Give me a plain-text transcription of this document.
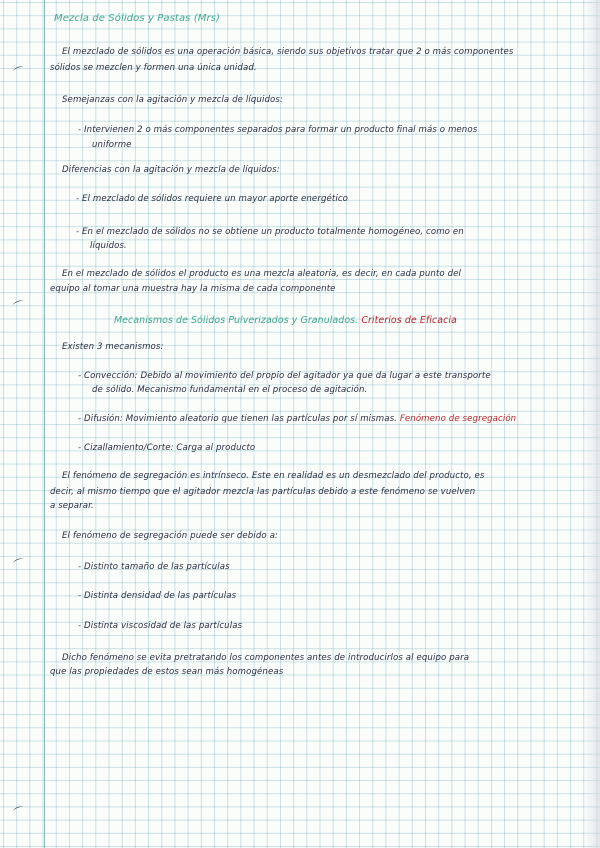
⌒
⌒
⌒
⌒
Mezcla de Sólidos y Pastas (Mrs)
El mezclado de sólidos es una operación básica, siendo sus objetivos tratar que 2 o más componentes
sólidos se mezclen y formen una única unidad.
Semejanzas con la agitación y mezcla de líquidos:
- Intervienen 2 o más componentes separados para formar un producto final más o menos
uniforme
Diferencias con la agitación y mezcla de líquidos:
- El mezclado de sólidos requiere un mayor aporte energético
- En el mezclado de sólidos no se obtiene un producto totalmente homogéneo, como en
líquidos.
En el mezclado de sólidos el producto es una mezcla aleatoria, es decir, en cada punto del
equipo al tomar una muestra hay la misma de cada componente
Mecanismos de Sólidos Pulverizados y Granulados. Criterios de Eficacia
Existen 3 mecanismos:
- Convección: Debido al movimiento del propio del agitador ya que da lugar a este transporte
de sólido. Mecanismo fundamental en el proceso de agitación.
- Difusión: Movimiento aleatorio que tienen las partículas por sí mismas. Fenómeno de segregación
- Cizallamiento/Corte: Carga al producto
El fenómeno de segregación es intrínseco. Este en realidad es un desmezclado del producto, es
decir, al mismo tiempo que el agitador mezcla las partículas debido a este fenómeno se vuelven
a separar.
El fenómeno de segregación puede ser debido a:
- Distinto tamaño de las partículas
- Distinta densidad de las partículas
- Distinta viscosidad de las partículas
Dicho fenómeno se evita pretratando los componentes antes de introducirlos al equipo para
que las propiedades de estos sean más homogéneas
